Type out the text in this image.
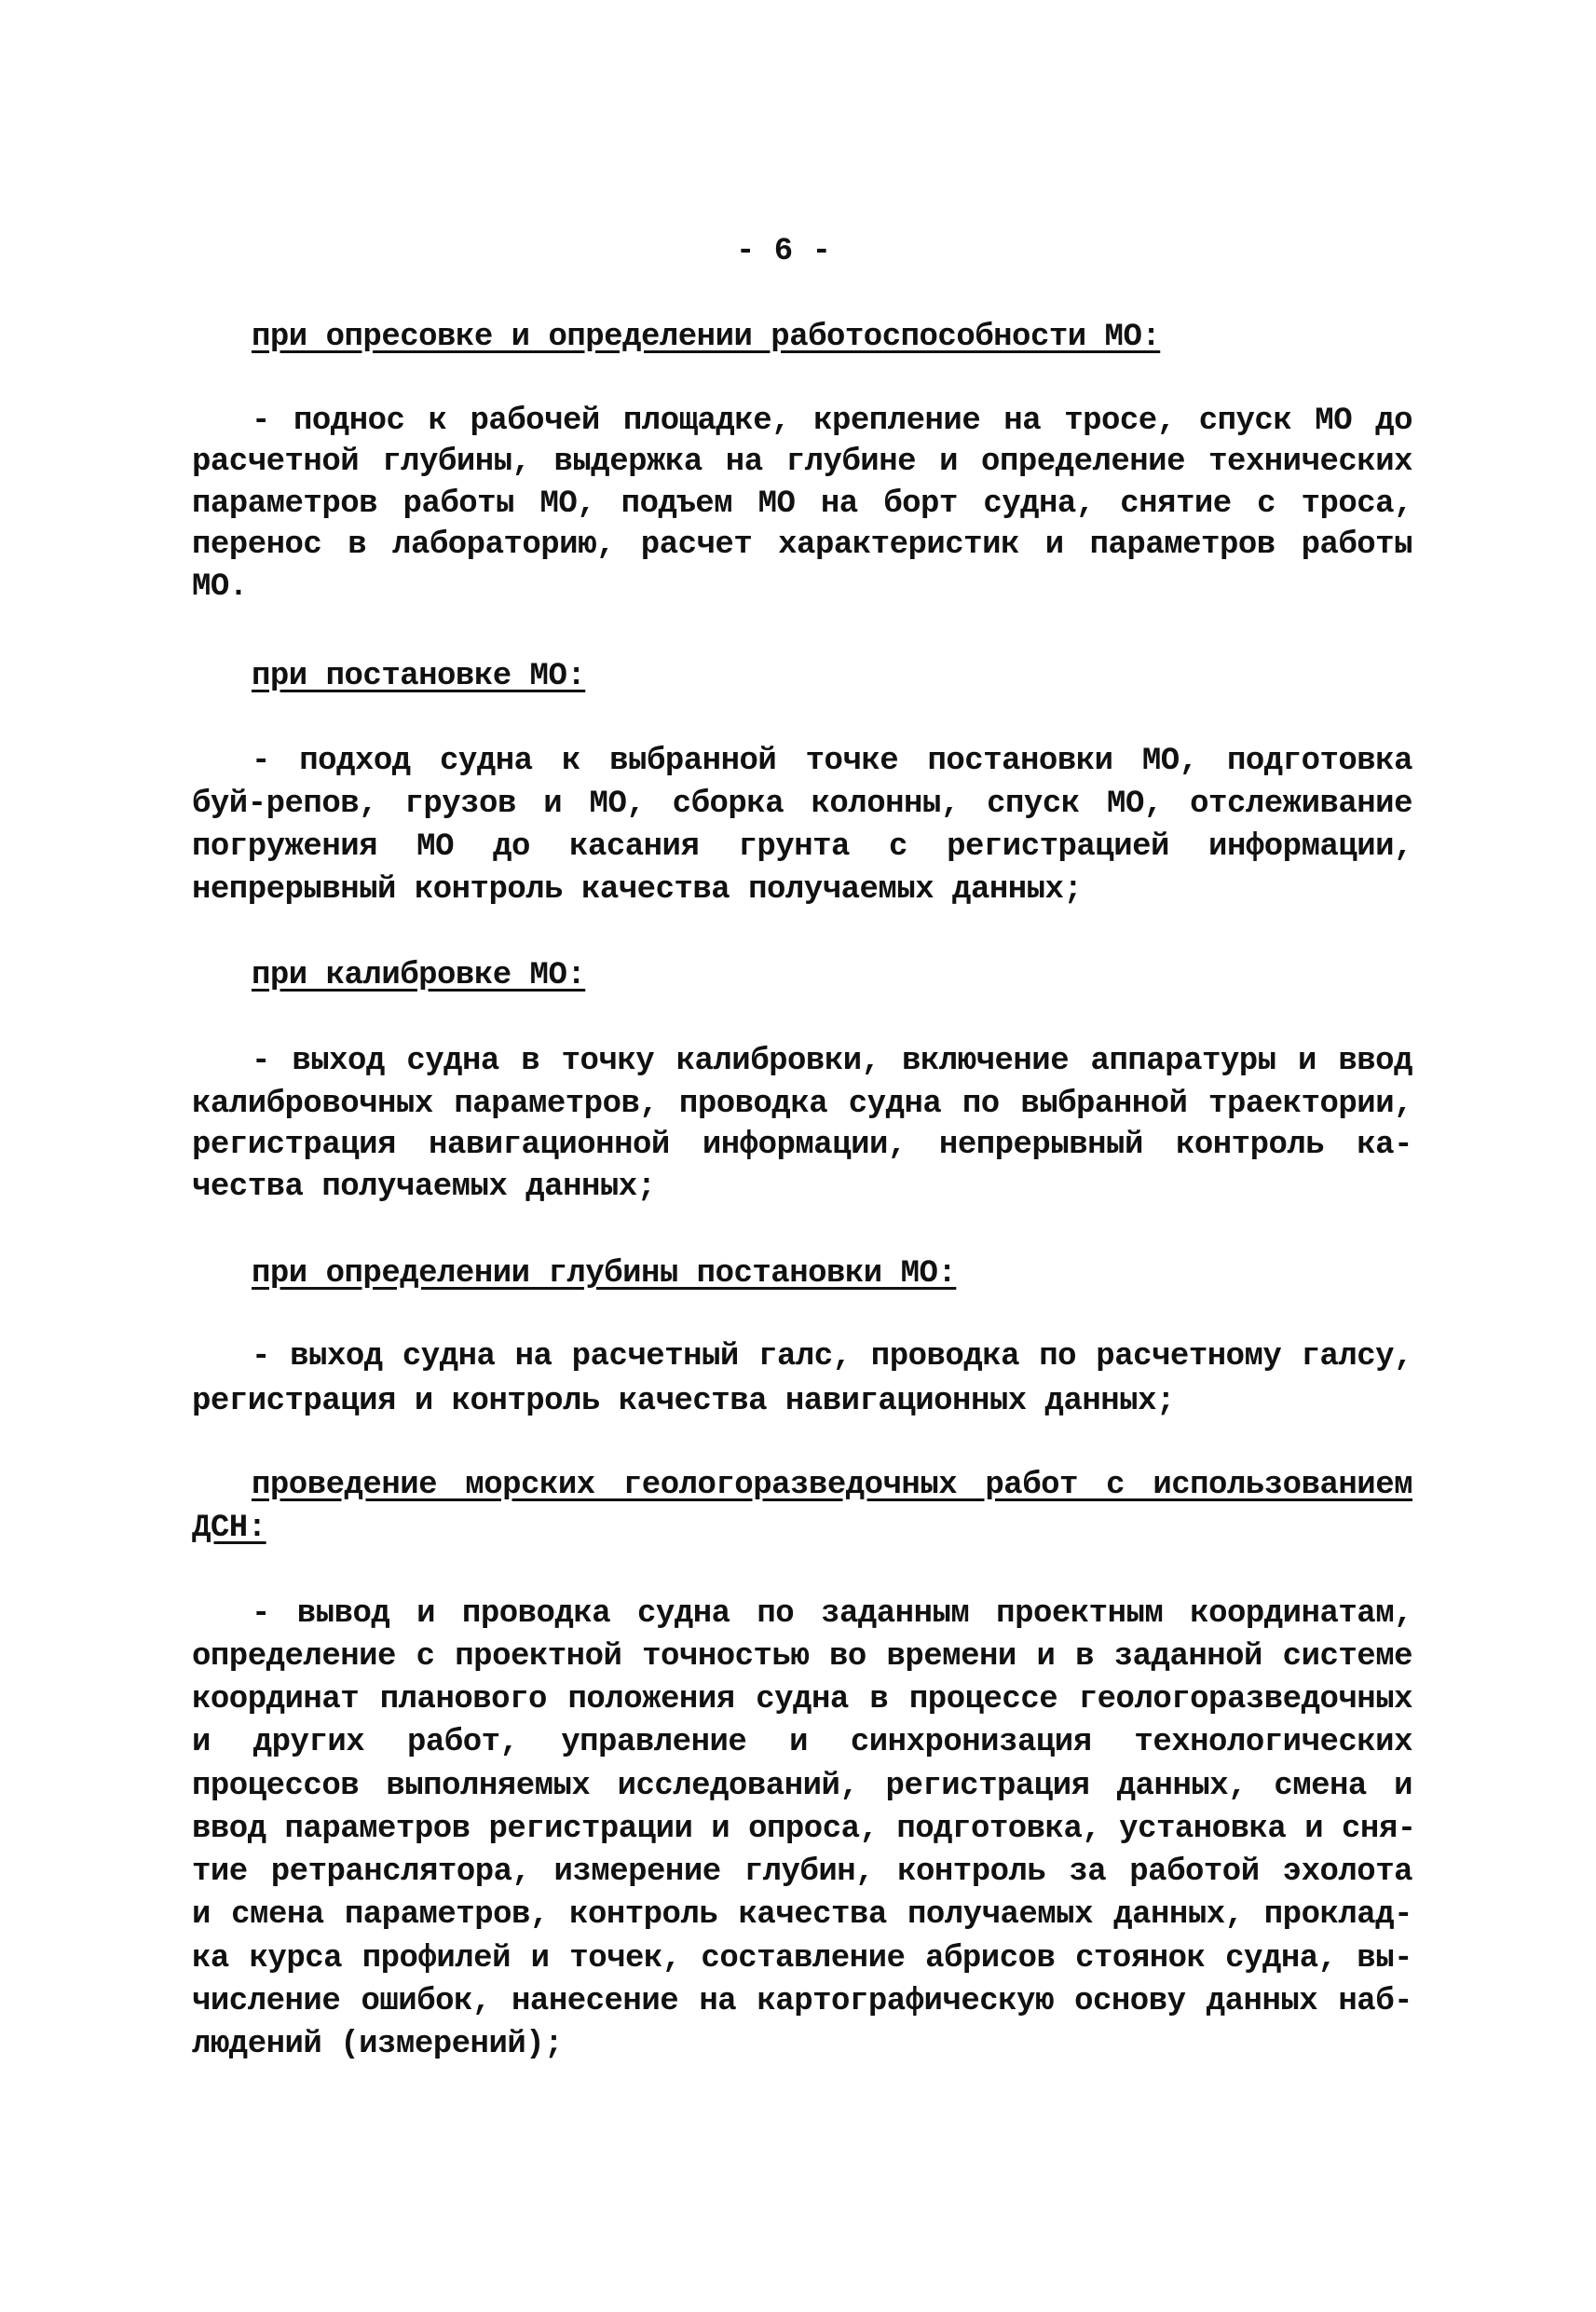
- 6 -
при опресовке и определении работоспособности МО:
- поднос к рабочей площадке, крепление на тросе, спуск МО до
расчетной глубины, выдержка на глубине и определение технических
параметров работы МО, подъем МО на борт судна, снятие с троса,
перенос в лабораторию, расчет характеристик и параметров работы
МО.
при постановке МО:
- подход судна к выбранной точке постановки МО, подготовка
буй-репов, грузов и МО, сборка колонны, спуск МО, отслеживание
погружения МО до касания грунта с регистрацией информации,
непрерывный контроль качества получаемых данных;
при калибровке МО:
- выход судна в точку калибровки, включение аппаратуры и ввод
калибровочных параметров, проводка судна по выбранной траектории,
регистрация навигационной информации, непрерывный контроль ка-
чества получаемых данных;
при определении глубины постановки МО:
- выход судна на расчетный галс, проводка по расчетному галсу,
регистрация и контроль качества навигационных данных;
проведение морских геологоразведочных работ с использованием
ДСН:
- вывод и проводка судна по заданным проектным координатам,
определение с проектной точностью во времени и в заданной системе
координат планового положения судна в процессе геологоразведочных
и других работ, управление и синхронизация технологических
процессов выполняемых исследований, регистрация данных, смена и
ввод параметров регистрации и опроса, подготовка, установка и сня-
тие ретранслятора, измерение глубин, контроль за работой эхолота
и смена параметров, контроль качества получаемых данных, проклад-
ка курса профилей и точек, составление абрисов стоянок судна, вы-
числение ошибок, нанесение на картографическую основу данных наб-
людений (измерений);
